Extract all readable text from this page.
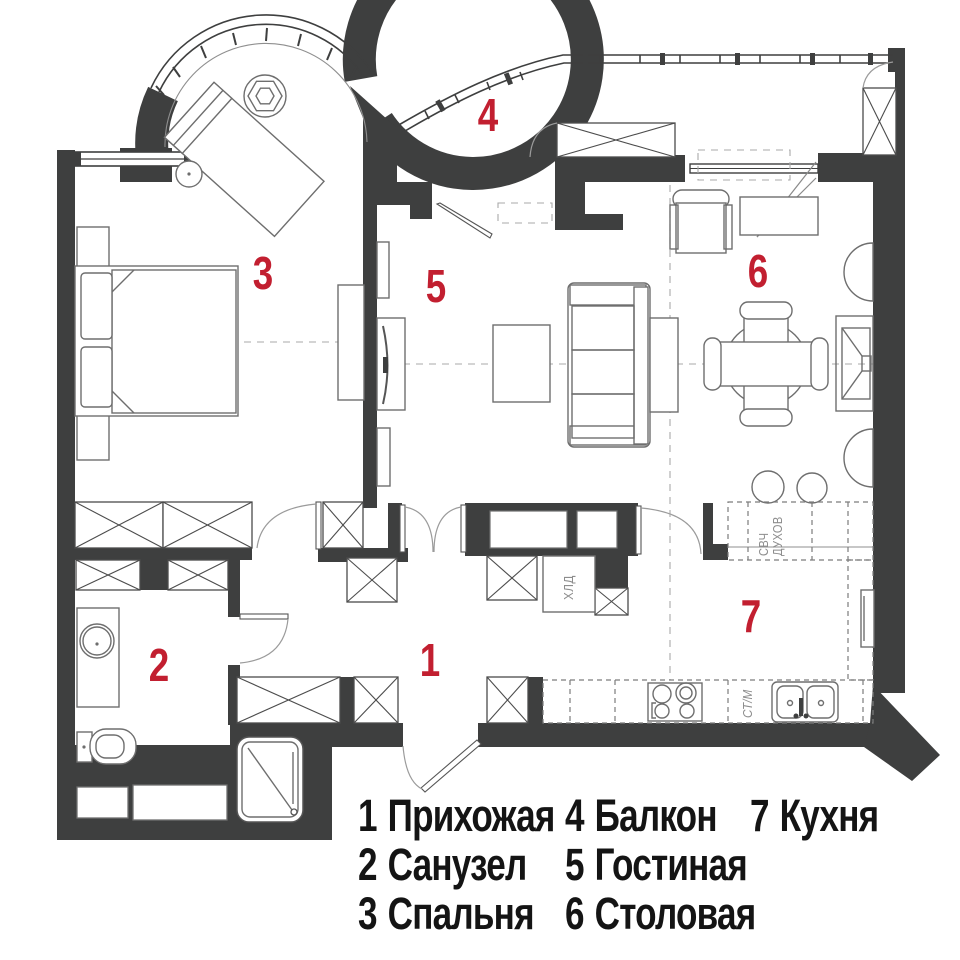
СВЧ ДУХОВ
СТ/М
ХЛД
1
2
3
4
5	6
7
1 Прихожая
2 Санузел
3 Спальня
4 Балкон
5 Гостиная
6 Столовая
7 Кухня
